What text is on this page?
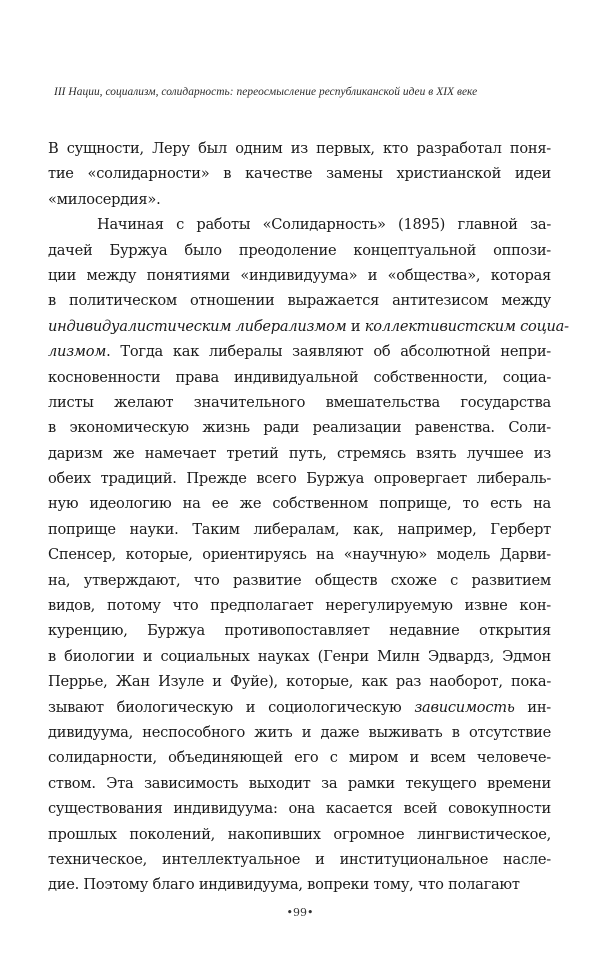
III Нации, социализм, солидарность: переосмысление республиканской идеи в XIX веке
В сущности, Леру был одним из первых, кто разработал поня-
тие «солидарности» в качестве замены христианской идеи
«милосердия».
Начиная с работы «Солидарность» (1895) главной за-
дачей Буржуа было преодоление концептуальной оппози-
ции между понятиями «индивидуума» и «общества», которая
в политическом отношении выражается антитезисом между
индивидуалистическим либерализмом и коллективистским социа-
лизмом. Тогда как либералы заявляют об абсолютной непри-
косновенности права индивидуальной собственности, социа-
листы желают значительного вмешательства государства
в экономическую жизнь ради реализации равенства. Соли-
даризм же намечает третий путь, стремясь взять лучшее из
обеих традиций. Прежде всего Буржуа опровергает либераль-
ную идеологию на ее же собственном поприще, то есть на
поприще науки. Таким либералам, как, например, Герберт
Спенсер, которые, ориентируясь на «научную» модель Дарви-
на, утверждают, что развитие обществ схоже с развитием
видов, потому что предполагает нерегулируемую извне кон-
куренцию, Буржуа противопоставляет недавние открытия
в биологии и социальных науках (Генри Милн Эдвардз, Эдмон
Перрье, Жан Изуле и Фуйе), которые, как раз наоборот, пока-
зывают биологическую и социологическую зависимость ин-
дивидуума, неспособного жить и даже выживать в отсутствие
солидарности, объединяющей его с миром и всем человече-
ством. Эта зависимость выходит за рамки текущего времени
существования индивидуума: она касается всей совокупности
прошлых поколений, накопивших огромное лингвистическое,
техническое, интеллектуальное и институциональное насле-
дие. Поэтому благо индивидуума, вопреки тому, что полагают
•99•
